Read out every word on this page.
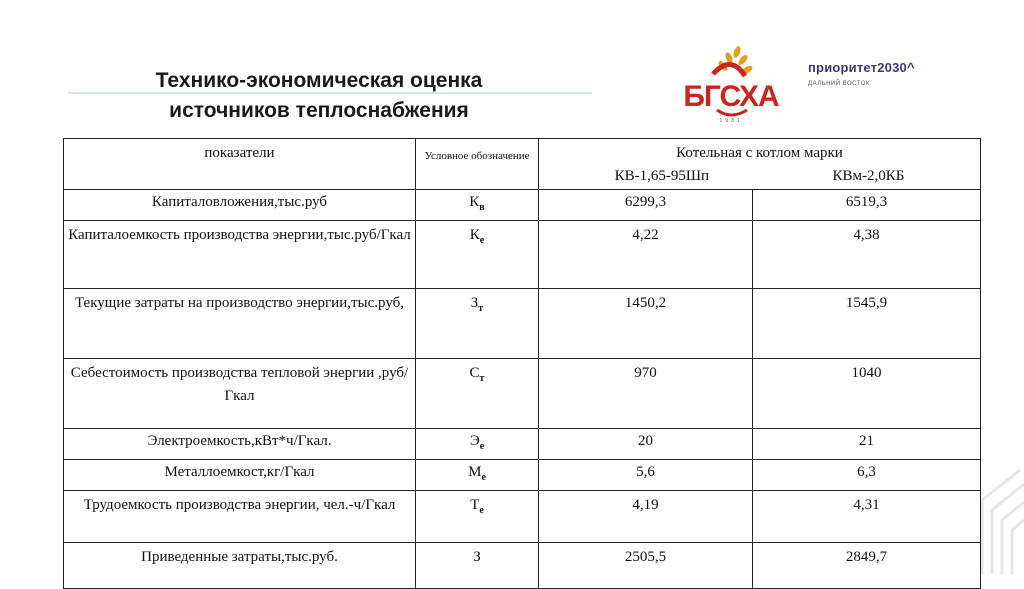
Технико-экономическая оценка
источников теплоснабжения	БГСХА
1931
приоритет2030^
ДАЛЬНИЙ ВОСТОК
показатели	Условное обозначение	Котельная с котлом марки
КВ-1,65-95Шп КВм-2,0КБ	

Капиталовложения,тыс.руб	$К_в$	6299,3	6519,3
Капиталоемкость производства энергии,тыс.руб/Гкал	$К_е$	4,22	4,38
Текущие затраты на производство энергии,тыс.руб,	$З_т$	1450,2	1545,9
Себестоимость производства тепловой энергии ,руб/Гкал	$С_т$	970	1040
Электроемкость,кВт*ч/Гкал.	$Э_е$	20	21
Металлоемкост,кг/Гкал	$М_е$	5,6	6,3
Трудоемкость производства энергии, чел.-ч/Гкал	$Т_е$	4,19	4,31
Приведенные затраты,тыс.руб.	З	2505,5	2849,7
